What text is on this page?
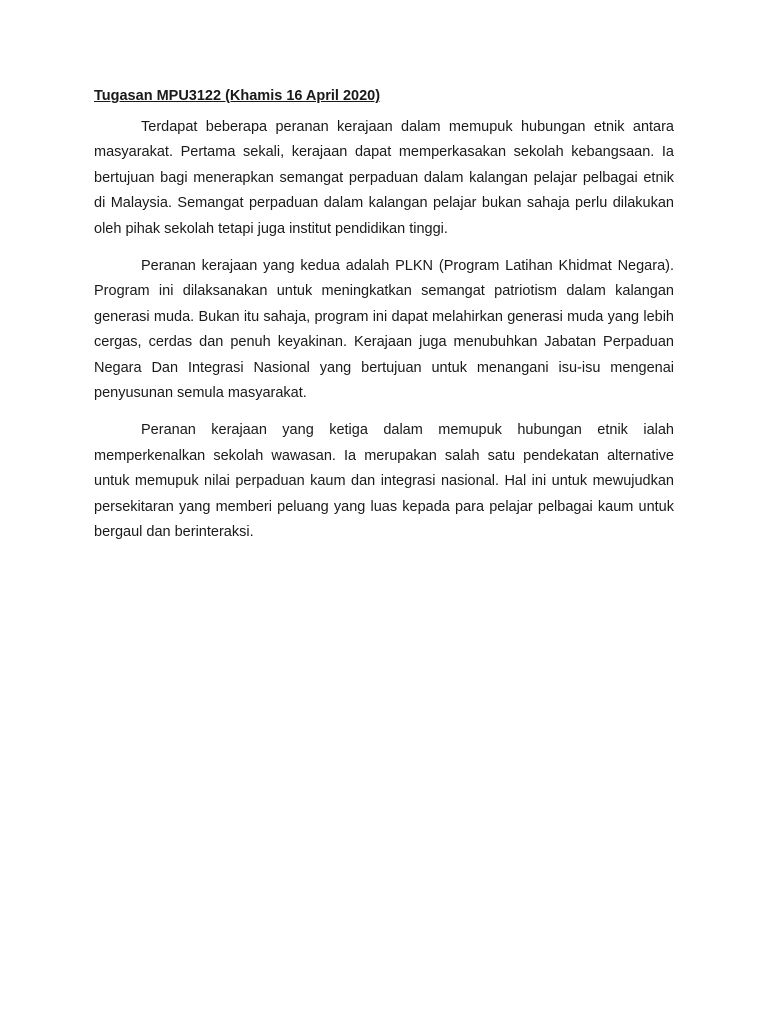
Tugasan MPU3122 (Khamis 16 April 2020)

Terdapat beberapa peranan kerajaan dalam memupuk hubungan etnik antara masyarakat. Pertama sekali, kerajaan dapat memperkasakan sekolah kebangsaan. Ia bertujuan bagi menerapkan semangat perpaduan dalam kalangan pelajar pelbagai etnik di Malaysia. Semangat perpaduan dalam kalangan pelajar bukan sahaja perlu dilakukan oleh pihak sekolah tetapi juga institut pendidikan tinggi.

Peranan kerajaan yang kedua adalah PLKN (Program Latihan Khidmat Negara). Program ini dilaksanakan untuk meningkatkan semangat patriotism dalam kalangan generasi muda. Bukan itu sahaja, program ini dapat melahirkan generasi muda yang lebih cergas, cerdas dan penuh keyakinan. Kerajaan juga menubuhkan Jabatan Perpaduan Negara Dan Integrasi Nasional yang bertujuan untuk menangani isu-isu mengenai penyusunan semula masyarakat.

Peranan kerajaan yang ketiga dalam memupuk hubungan etnik ialah memperkenalkan sekolah wawasan. Ia merupakan salah satu pendekatan alternative untuk memupuk nilai perpaduan kaum dan integrasi nasional. Hal ini untuk mewujudkan persekitaran yang memberi peluang yang luas kepada para pelajar pelbagai kaum untuk bergaul dan berinteraksi.
